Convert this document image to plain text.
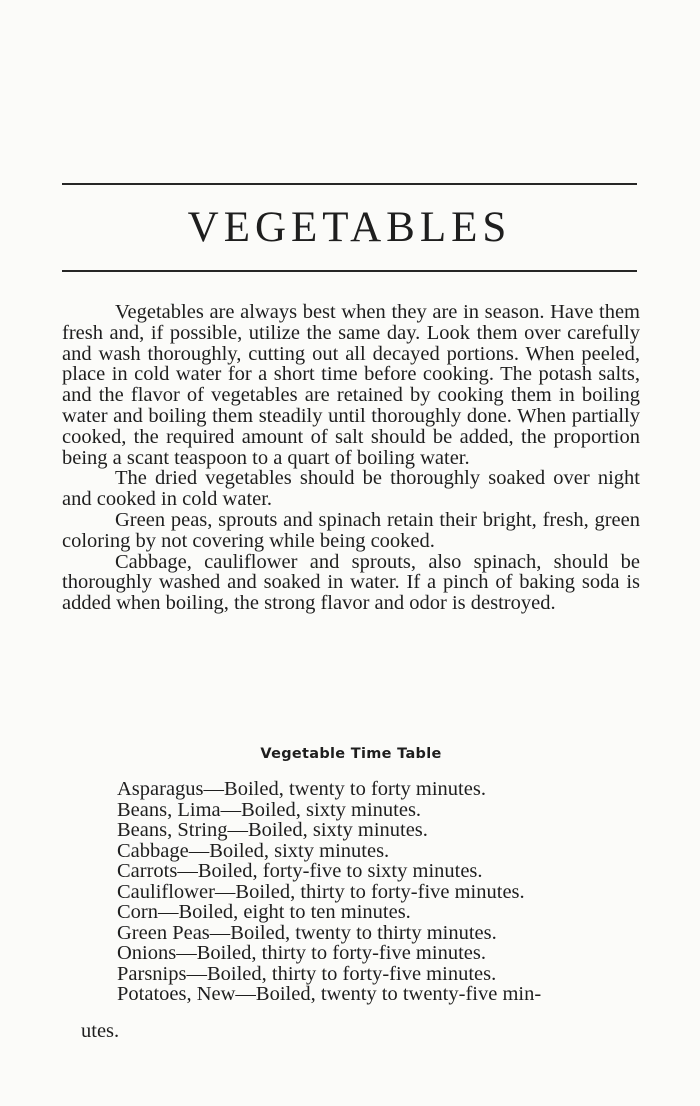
VEGETABLES

Vegetables are always best when they are in season. Have them fresh and, if possible, utilize the same day. Look them over carefully and wash thoroughly, cutting out all decayed portions. When peeled, place in cold water for a short time before cooking. The potash salts, and the flavor of vegetables are retained by cooking them in boiling water and boiling them steadily until thoroughly done. When partially cooked, the required amount of salt should be added, the proportion being a scant teaspoon to a quart of boiling water.

The dried vegetables should be thoroughly soaked over night and cooked in cold water.

Green peas, sprouts and spinach retain their bright, fresh, green coloring by not covering while being cooked.

Cabbage, cauliflower and sprouts, also spinach, should be thoroughly washed and soaked in water. If a pinch of baking soda is added when boiling, the strong flavor and odor is destroyed.

Vegetable Time Table
Asparagus—Boiled, twenty to forty minutes.
Beans, Lima—Boiled, sixty minutes.
Beans, String—Boiled, sixty minutes.
Cabbage—Boiled, sixty minutes.
Carrots—Boiled, forty-five to sixty minutes.
Cauliflower—Boiled, thirty to forty-five minutes.
Corn—Boiled, eight to ten minutes.
Green Peas—Boiled, twenty to thirty minutes.
Onions—Boiled, thirty to forty-five minutes.
Parsnips—Boiled, thirty to forty-five minutes.
Potatoes, New—Boiled, twenty to twenty-five min-
utes.
